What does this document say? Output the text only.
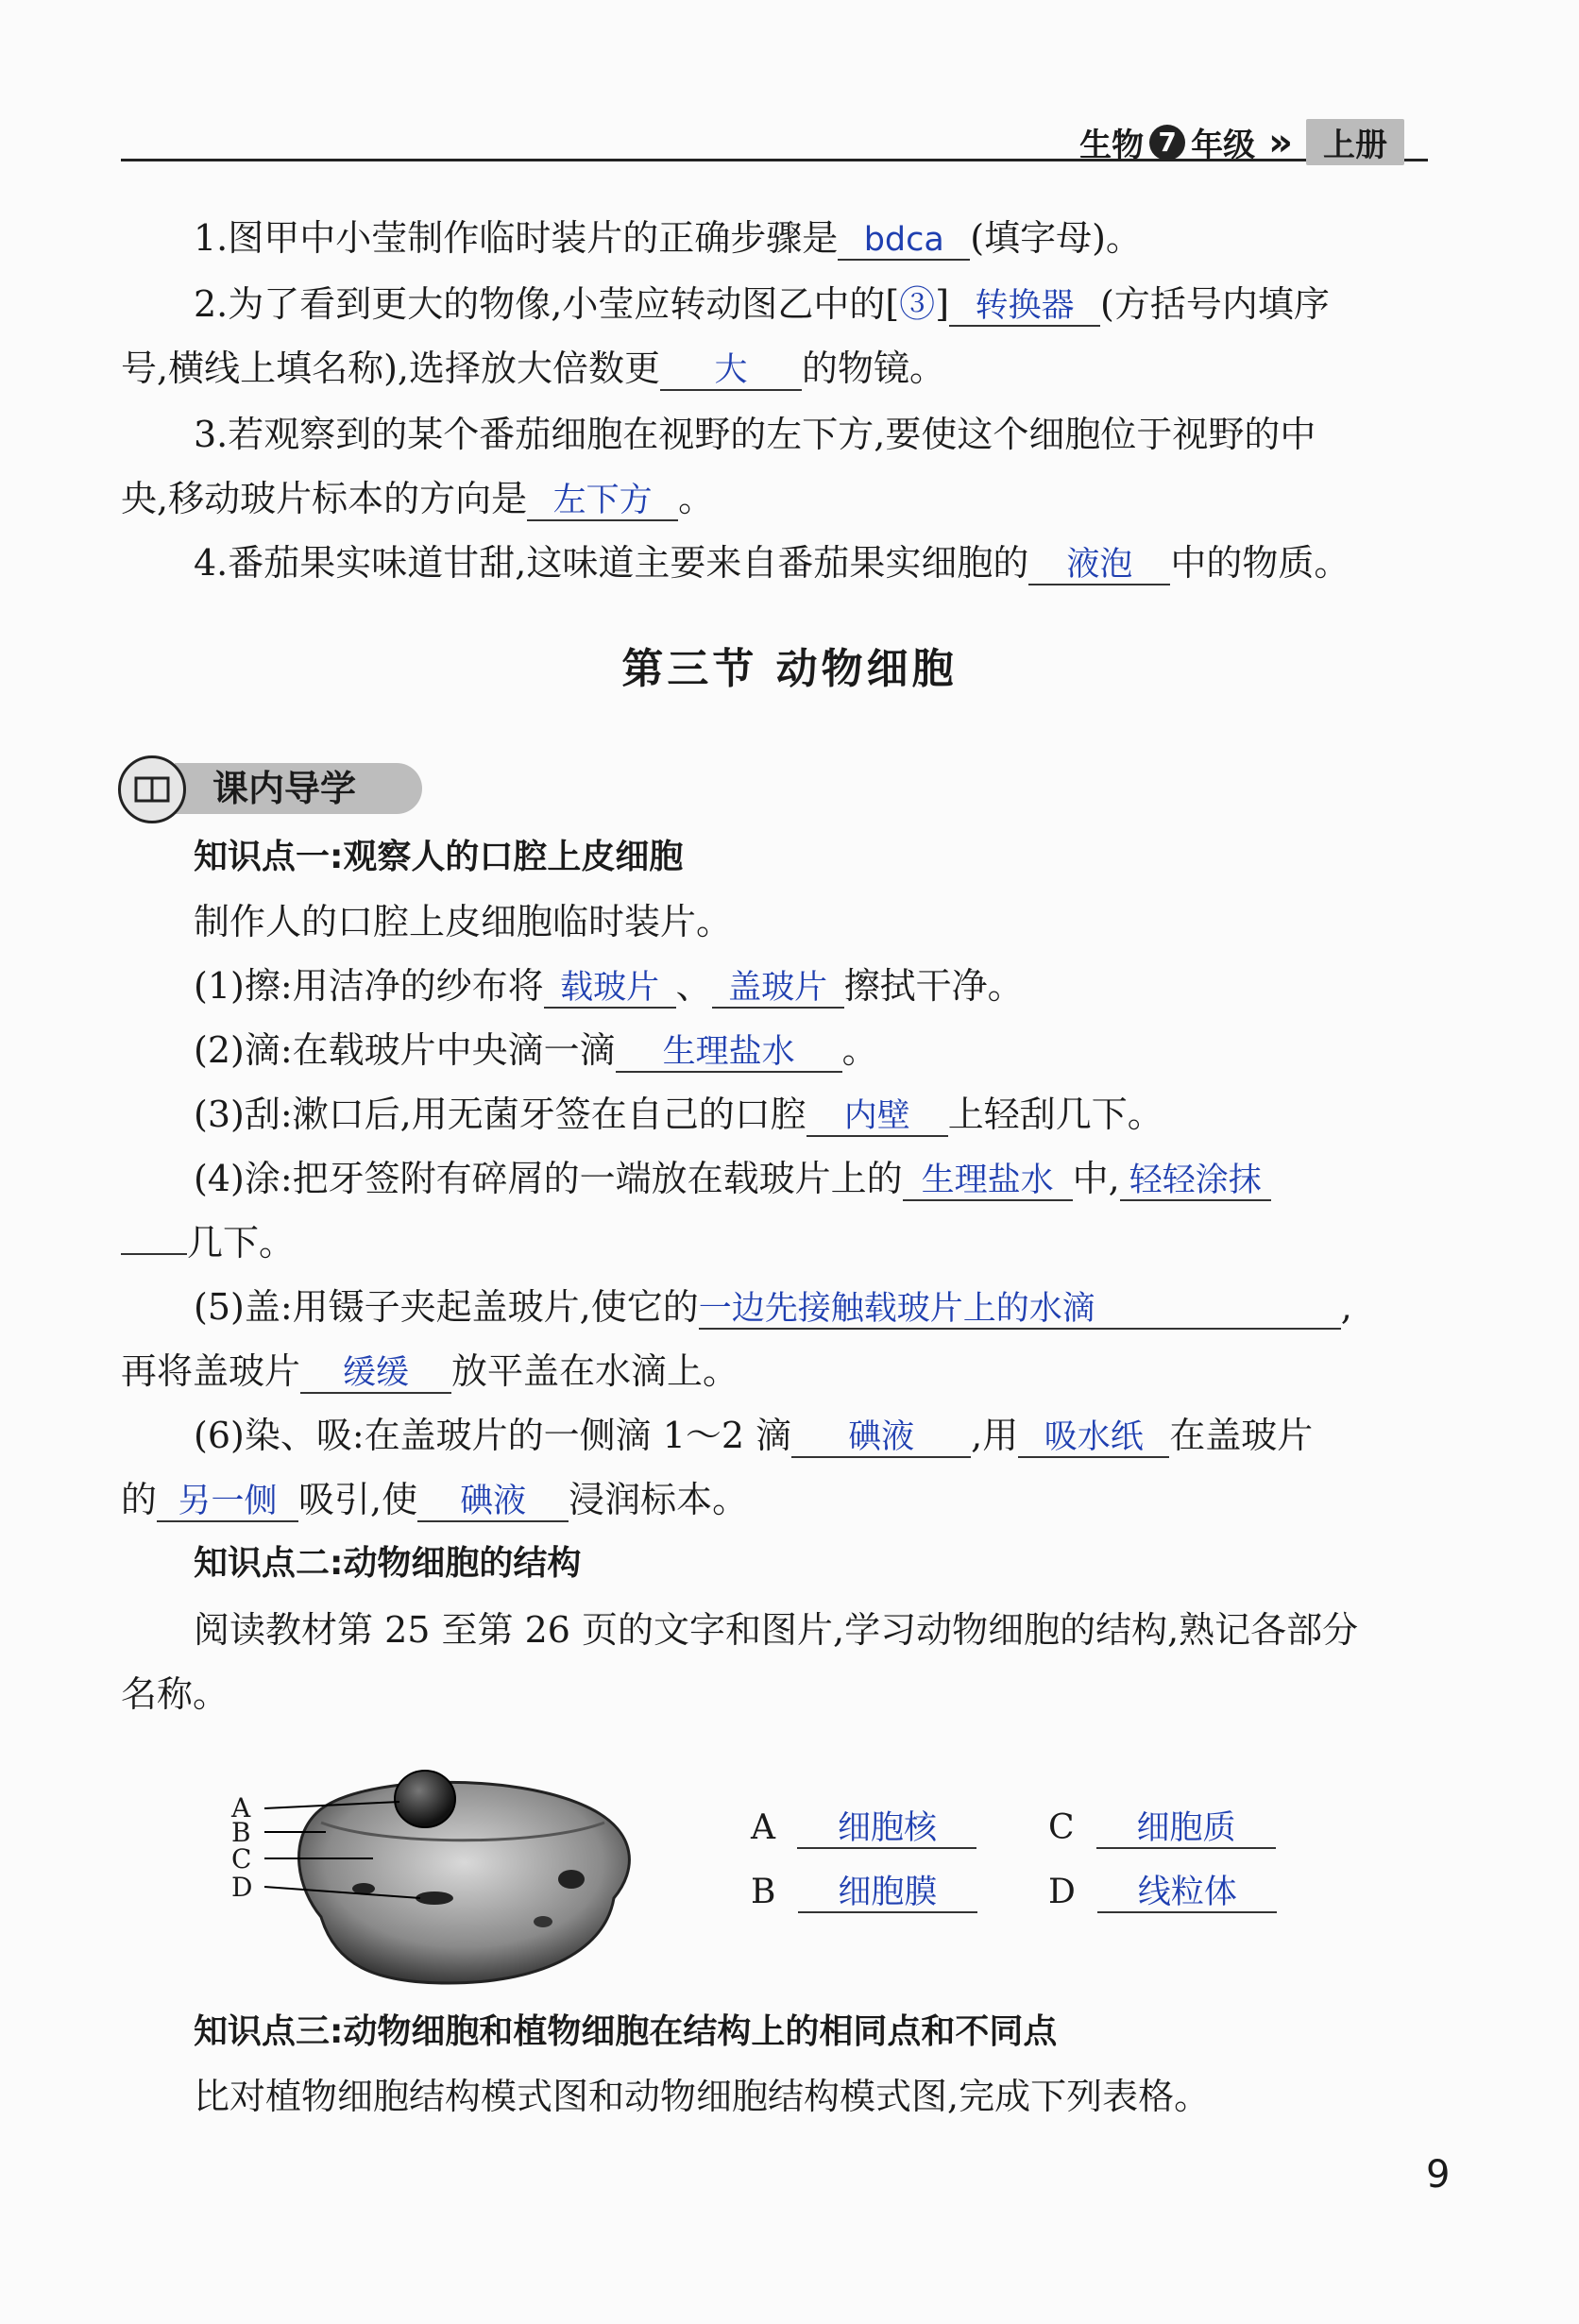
生物 7 年级 » 上册
1.图甲中小莹制作临时装片的正确步骤是 bdca (填字母)。
2.为了看到更大的物像,小莹应转动图乙中的[③] 转换器 (方括号内填序
号,横线上填名称),选择放大倍数更 大 的物镜。
3.若观察到的某个番茄细胞在视野的左下方,要使这个细胞位于视野的中
央,移动玻片标本的方向是 左下方 。
4.番茄果实味道甘甜,这味道主要来自番茄果实细胞的 液泡 中的物质。
第三节 动物细胞
课内导学
知识点一:观察人的口腔上皮细胞
制作人的口腔上皮细胞临时装片。
(1)擦:用洁净的纱布将 载玻片 、 盖玻片 擦拭干净。
(2)滴:在载玻片中央滴一滴 生理盐水 。
(3)刮:漱口后,用无菌牙签在自己的口腔 内壁 上轻刮几下。
(4)涂:把牙签附有碎屑的一端放在载玻片上的 生理盐水 中, 轻轻涂抹
几下。
(5)盖:用镊子夹起盖玻片,使它的一边先接触载玻片上的水滴	,
再将盖玻片 缓缓 放平盖在水滴上。
(6)染、吸:在盖玻片的一侧滴 1～2 滴 碘液 ,用 吸水纸 在盖玻片
的 另一侧 吸引,使 碘液 浸润标本。
知识点二:动物细胞的结构
阅读教材第 25 至第 26 页的文字和图片,学习动物细胞的结构,熟记各部分
名称。
A
B
C
D
A 细胞核	C 细胞质
B 细胞膜	D 线粒体
知识点三:动物细胞和植物细胞在结构上的相同点和不同点
比对植物细胞结构模式图和动物细胞结构模式图,完成下列表格。
9
